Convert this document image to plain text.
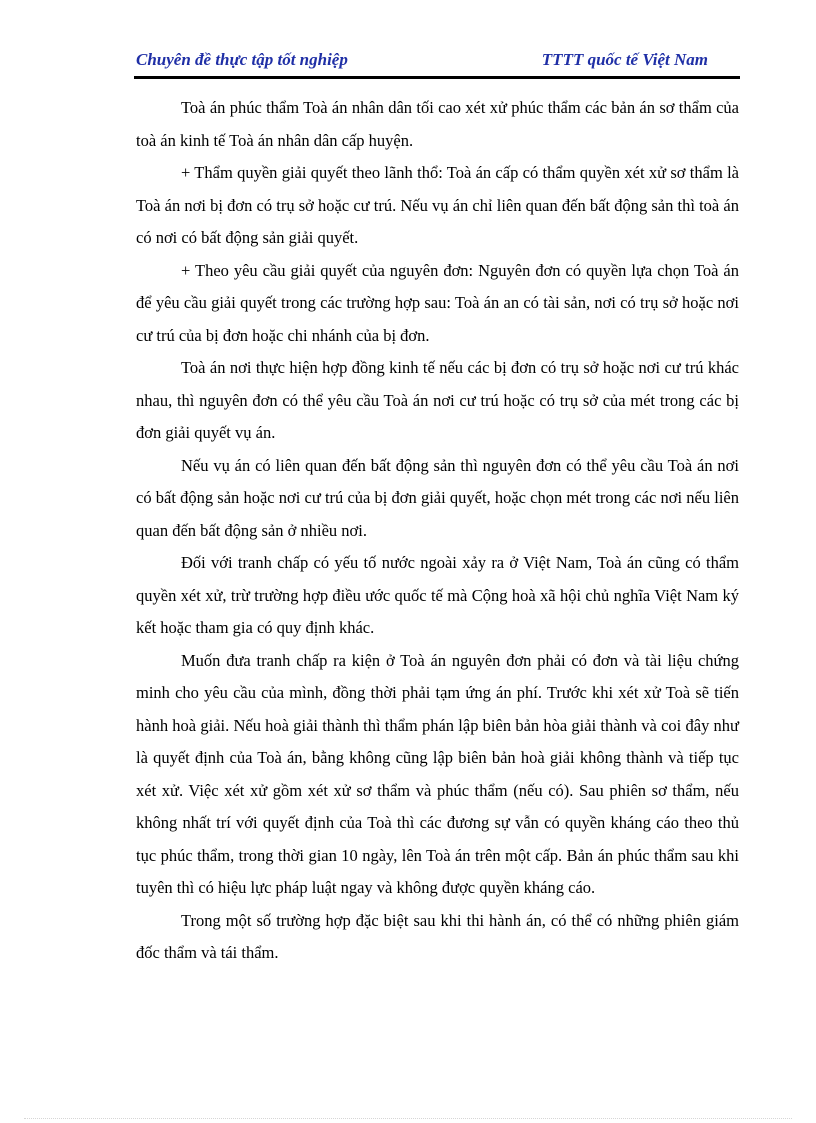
Chuyên đề thực tập tốt nghiệp	TTTT quốc tế Việt Nam

Toà án phúc thẩm Toà án nhân dân tối cao xét xử phúc thẩm các bản án sơ thẩm của toà án kinh tế Toà án nhân dân cấp huyện.

+ Thẩm quyền giải quyết theo lãnh thổ: Toà án cấp có thẩm quyền xét xử sơ thẩm là Toà án nơi bị đơn có trụ sở hoặc cư trú. Nếu vụ án chỉ liên quan đến bất động sản thì toà án có nơi có bất động sản giải quyết.

+ Theo yêu cầu giải quyết của nguyên đơn: Nguyên đơn có quyền lựa chọn Toà án để yêu cầu giải quyết trong các trường hợp sau: Toà án an có tài sản, nơi có trụ sở hoặc nơi cư trú của bị đơn hoặc chi nhánh của bị đơn.

Toà án nơi thực hiện hợp đồng kinh tế nếu các bị đơn có trụ sở hoặc nơi cư trú khác nhau, thì nguyên đơn có thể yêu cầu Toà án nơi cư trú hoặc có trụ sở của mét trong các bị đơn giải quyết vụ án.

Nếu vụ án có liên quan đến bất động sản thì nguyên đơn có thể yêu cầu Toà án nơi có bất động sản hoặc nơi cư trú của bị đơn giải quyết, hoặc chọn mét trong các nơi nếu liên quan đến bất động sản ở nhiều nơi.

Đối với tranh chấp có yếu tố nước ngoài xảy ra ở Việt Nam, Toà án cũng có thẩm quyền xét xử, trừ trường hợp điều ước quốc tế mà Cộng hoà xã hội chủ nghĩa Việt Nam ký kết hoặc tham gia có quy định khác.

Muốn đưa tranh chấp ra kiện ở Toà án nguyên đơn phải có đơn và tài liệu chứng minh cho yêu cầu của mình, đồng thời phải tạm ứng án phí. Trước khi xét xử Toà sẽ tiến hành hoà giải. Nếu hoà giải thành thì thẩm phán lập biên bản hòa giải thành và coi đây như là quyết định của Toà án, bằng không cũng lập biên bản hoà giải không thành và tiếp tục xét xử. Việc xét xử gồm xét xử sơ thẩm và phúc thẩm (nếu có). Sau phiên sơ thẩm, nếu không nhất trí với quyết định của Toà thì các đương sự vẫn có quyền kháng cáo theo thủ tục phúc thẩm, trong thời gian 10 ngày, lên Toà án trên một cấp. Bản án phúc thẩm sau khi tuyên thì có hiệu lực pháp luật ngay và không được quyền kháng cáo.

Trong một số trường hợp đặc biệt sau khi thi hành án, có thể có những phiên giám đốc thẩm và tái thẩm.
